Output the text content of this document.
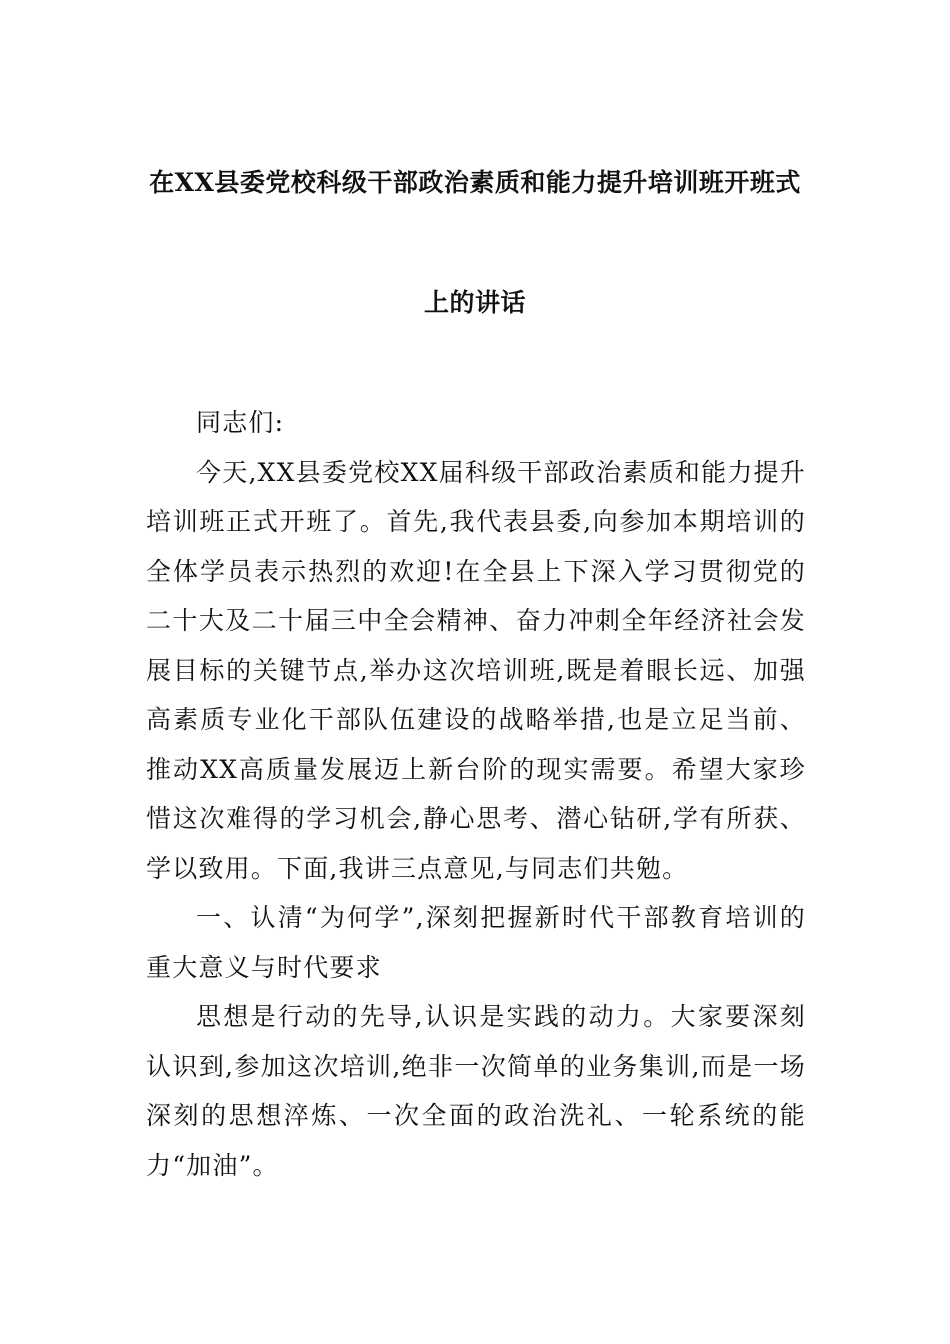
在XX县委党校科级干部政治素质和能力提升培训班开班式
上的讲话

同志们:

今天,XX县委党校XX届科级干部政治素质和能力提升培训班正式开班了。首先,我代表县委,向参加本期培训的全体学员表示热烈的欢迎!在全县上下深入学习贯彻党的二十大及二十届三中全会精神、奋力冲刺全年经济社会发展目标的关键节点,举办这次培训班,既是着眼长远、加强高素质专业化干部队伍建设的战略举措,也是立足当前、推动XX高质量发展迈上新台阶的现实需要。希望大家珍惜这次难得的学习机会,静心思考、潜心钻研,学有所获、学以致用。下面,我讲三点意见,与同志们共勉。

一、认清“为何学”,深刻把握新时代干部教育培训的重大意义与时代要求

思想是行动的先导,认识是实践的动力。大家要深刻认识到,参加这次培训,绝非一次简单的业务集训,而是一场深刻的思想淬炼、一次全面的政治洗礼、一轮系统的能力“加油”。
